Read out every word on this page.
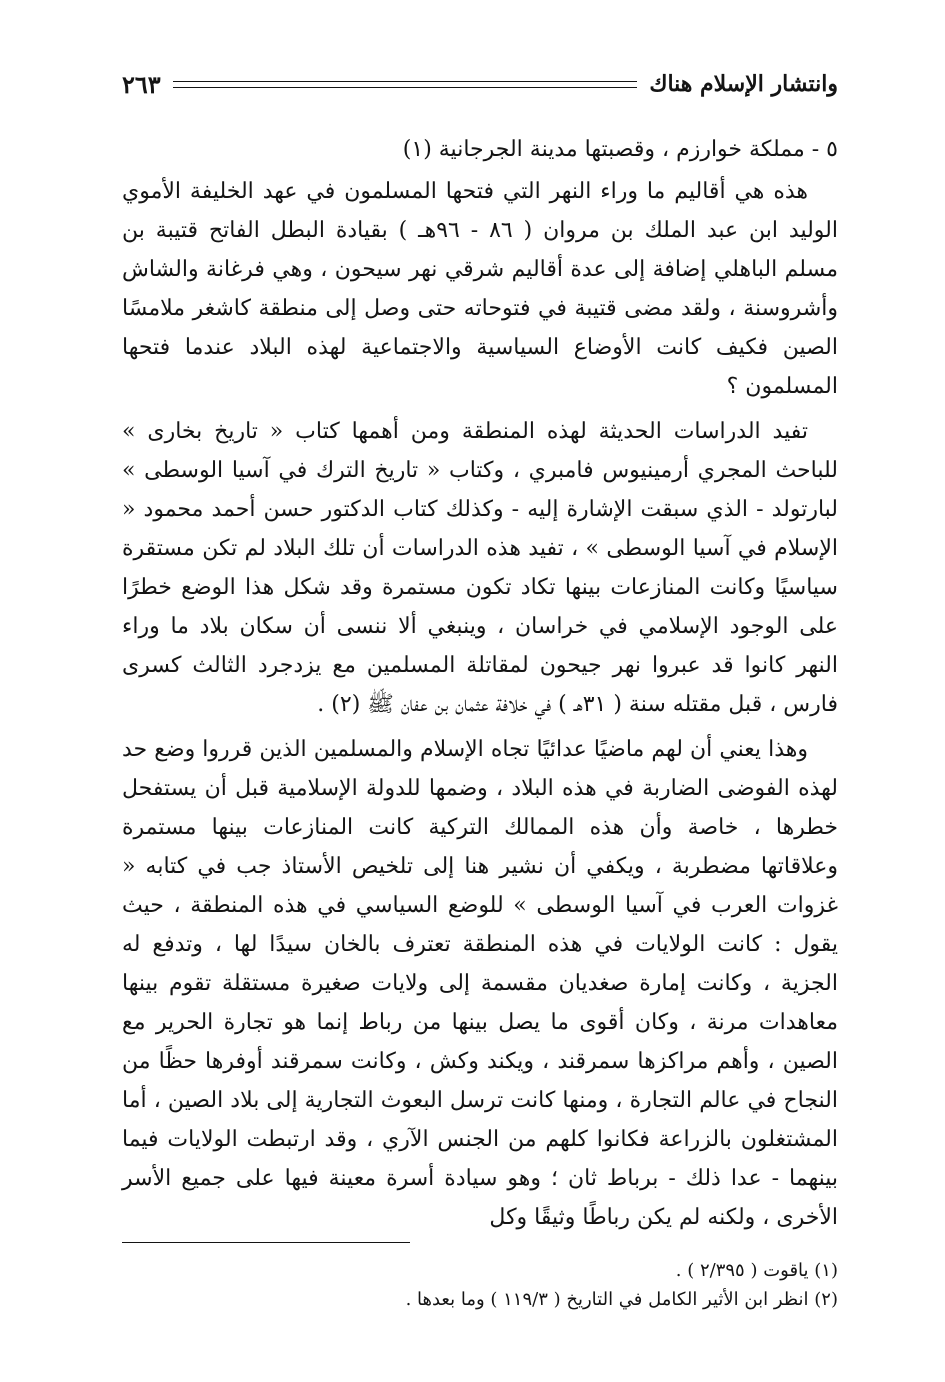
وانتشار الإسلام هناك
٢٦٣

٥ - مملكة خوارزم ، وقصبتها مدينة الجرجانية (١)

هذه هي أقاليم ما وراء النهر التي فتحها المسلمون في عهد الخليفة الأموي الوليد ابن عبد الملك بن مروان ( ٨٦ - ٩٦هـ ) بقيادة البطل الفاتح قتيبة بن مسلم الباهلي إضافة إلى عدة أقاليم شرقي نهر سيحون ، وهي فرغانة والشاش وأشروسنة ، ولقد مضى قتيبة في فتوحاته حتى وصل إلى منطقة كاشغر ملامسًا الصين فكيف كانت الأوضاع السياسية والاجتماعية لهذه البلاد عندما فتحها المسلمون ؟

تفيد الدراسات الحديثة لهذه المنطقة ومن أهمها كتاب « تاريخ بخارى » للباحث المجري أرمينيوس فامبري ، وكتاب « تاريخ الترك في آسيا الوسطى » لبارتولد - الذي سبقت الإشارة إليه - وكذلك كتاب الدكتور حسن أحمد محمود « الإسلام في آسيا الوسطى » ، تفيد هذه الدراسات أن تلك البلاد لم تكن مستقرة سياسيًا وكانت المنازعات بينها تكاد تكون مستمرة وقد شكل هذا الوضع خطرًا على الوجود الإسلامي في خراسان ، وينبغي ألا ننسى أن سكان بلاد ما وراء النهر كانوا قد عبروا نهر جيحون لمقاتلة المسلمين مع يزدجرد الثالث كسرى فارس ، قبل مقتله سنة ( ٣١هـ ) في خلافة عثمان بن عفان ﷺ (٢) .

وهذا يعني أن لهم ماضيًا عدائيًا تجاه الإسلام والمسلمين الذين قرروا وضع حد لهذه الفوضى الضاربة في هذه البلاد ، وضمها للدولة الإسلامية قبل أن يستفحل خطرها ، خاصة وأن هذه الممالك التركية كانت المنازعات بينها مستمرة وعلاقاتها مضطربة ، ويكفي أن نشير هنا إلى تلخيص الأستاذ جب في كتابه « غزوات العرب في آسيا الوسطى » للوضع السياسي في هذه المنطقة ، حيث يقول : كانت الولايات في هذه المنطقة تعترف بالخان سيدًا لها ، وتدفع له الجزية ، وكانت إمارة صغديان مقسمة إلى ولايات صغيرة مستقلة تقوم بينها معاهدات مرنة ، وكان أقوى ما يصل بينها من رباط إنما هو تجارة الحرير مع الصين ، وأهم مراكزها سمرقند ، ويكند وكش ، وكانت سمرقند أوفرها حظًا من النجاح في عالم التجارة ، ومنها كانت ترسل البعوث التجارية إلى بلاد الصين ، أما المشتغلون بالزراعة فكانوا كلهم من الجنس الآري ، وقد ارتبطت الولايات فيما بينهما - عدا ذلك - برباط ثان ؛ وهو سيادة أسرة معينة فيها على جميع الأسر الأخرى ، ولكنه لم يكن رباطًا وثيقًا وكل

(١) ياقوت ( ٢/٣٩٥ ) .

(٢) انظر ابن الأثير الكامل في التاريخ ( ١١٩/٣ ) وما بعدها .
